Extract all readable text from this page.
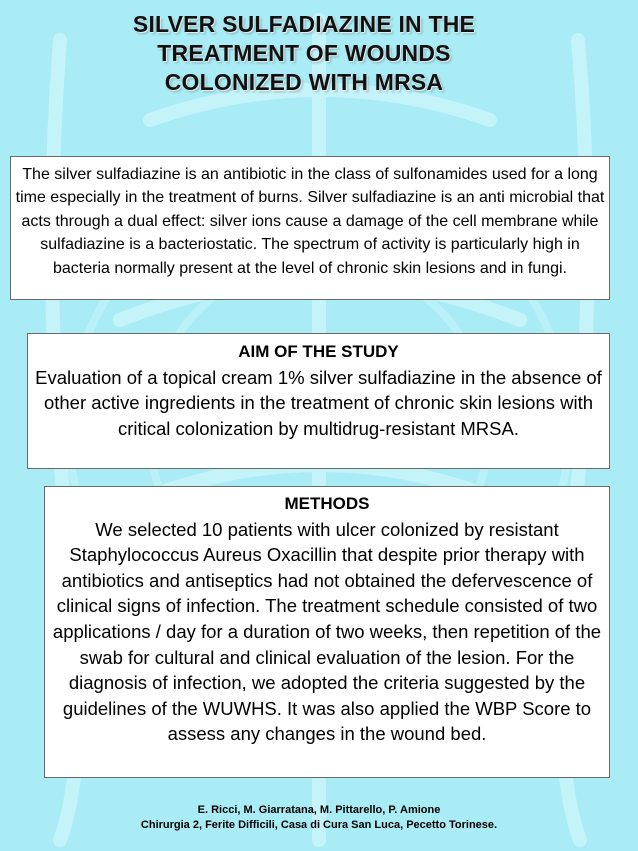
SILVER SULFADIAZINE IN THE
TREATMENT OF WOUNDS
COLONIZED WITH MRSA
The silver sulfadiazine is an antibiotic in the class of sulfonamides used for a long time especially in the treatment of burns. Silver sulfadiazine is an anti microbial that acts through a dual effect: silver ions cause a damage of the cell membrane while sulfadiazine is a bacteriostatic. The spectrum of activity is particularly high in bacteria normally present at the level of chronic skin lesions and in fungi.
AIM OF THE STUDY
Evaluation of a topical cream 1% silver sulfadiazine in the absence of other active ingredients in the treatment of chronic skin lesions with critical colonization by multidrug-resistant MRSA.
METHODS
We selected 10 patients with ulcer colonized by resistant Staphylococcus Aureus Oxacillin that despite prior therapy with antibiotics and antiseptics had not obtained the defervescence of clinical signs of infection. The treatment schedule consisted of two applications / day for a duration of two weeks, then repetition of the swab for cultural and clinical evaluation of the lesion. For the diagnosis of infection, we adopted the criteria suggested by the guidelines of the WUWHS. It was also applied the WBP Score to assess any changes in the wound bed.
E. Ricci, M. Giarratana, M. Pittarello, P. Amione
Chirurgia 2, Ferite Difficili, Casa di Cura San Luca, Pecetto Torinese.
